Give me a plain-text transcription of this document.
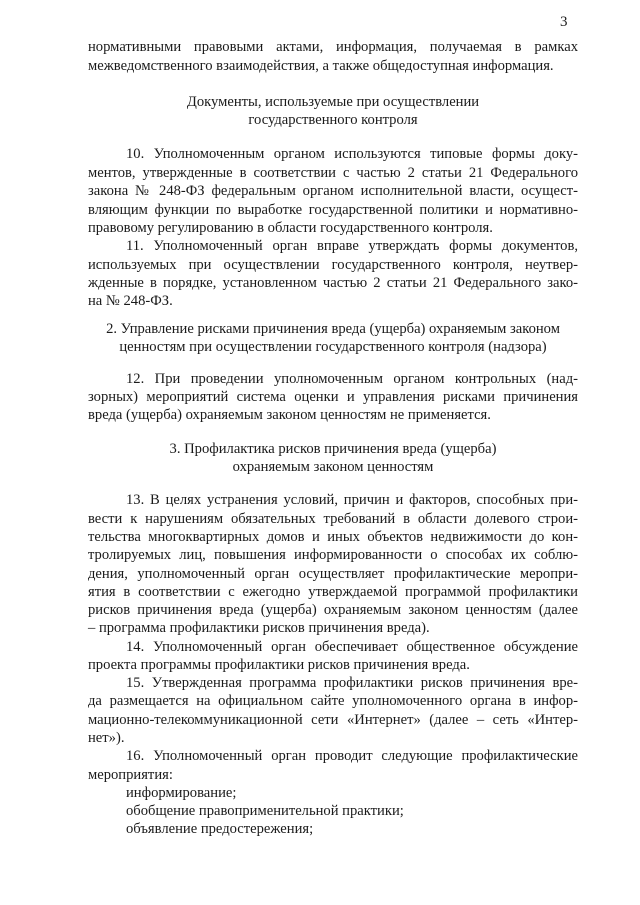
3
нормативными правовыми актами, информация, получаемая в рамках
межведомственного взаимодействия, а также общедоступная информация.
Документы, используемые при осуществлении
государственного контроля
10. Уполномоченным органом используются типовые формы доку-
ментов, утвержденные в соответствии с частью 2 статьи 21 Федерального
закона № 248-ФЗ федеральным органом исполнительной власти, осущест-
вляющим функции по выработке государственной политики и нормативно-
правовому регулированию в области государственного контроля.
11. Уполномоченный орган вправе утверждать формы документов,
используемых при осуществлении государственного контроля, неутвер-
жденные в порядке, установленном частью 2 статьи 21 Федерального зако-
на № 248-ФЗ.
2. Управление рисками причинения вреда (ущерба) охраняемым законом
ценностям при осуществлении государственного контроля (надзора)
12. При проведении уполномоченным органом контрольных (над-
зорных) мероприятий система оценки и управления рисками причинения
вреда (ущерба) охраняемым законом ценностям не применяется.
3. Профилактика рисков причинения вреда (ущерба)
охраняемым законом ценностям
13. В целях устранения условий, причин и факторов, способных при-
вести к нарушениям обязательных требований в области долевого строи-
тельства многоквартирных домов и иных объектов недвижимости до кон-
тролируемых лиц, повышения информированности о способах их соблю-
дения, уполномоченный орган осуществляет профилактические меропри-
ятия в соответствии с ежегодно утверждаемой программой профилактики
рисков причинения вреда (ущерба) охраняемым законом ценностям (далее
– программа профилактики рисков причинения вреда).
14. Уполномоченный орган обеспечивает общественное обсуждение
проекта программы профилактики рисков причинения вреда.
15. Утвержденная программа профилактики рисков причинения вре-
да размещается на официальном сайте уполномоченного органа в инфор-
мационно-телекоммуникационной сети «Интернет» (далее – сеть «Интер-
нет»).
16. Уполномоченный орган проводит следующие профилактические
мероприятия:
информирование;
обобщение правоприменительной практики;
объявление предостережения;
